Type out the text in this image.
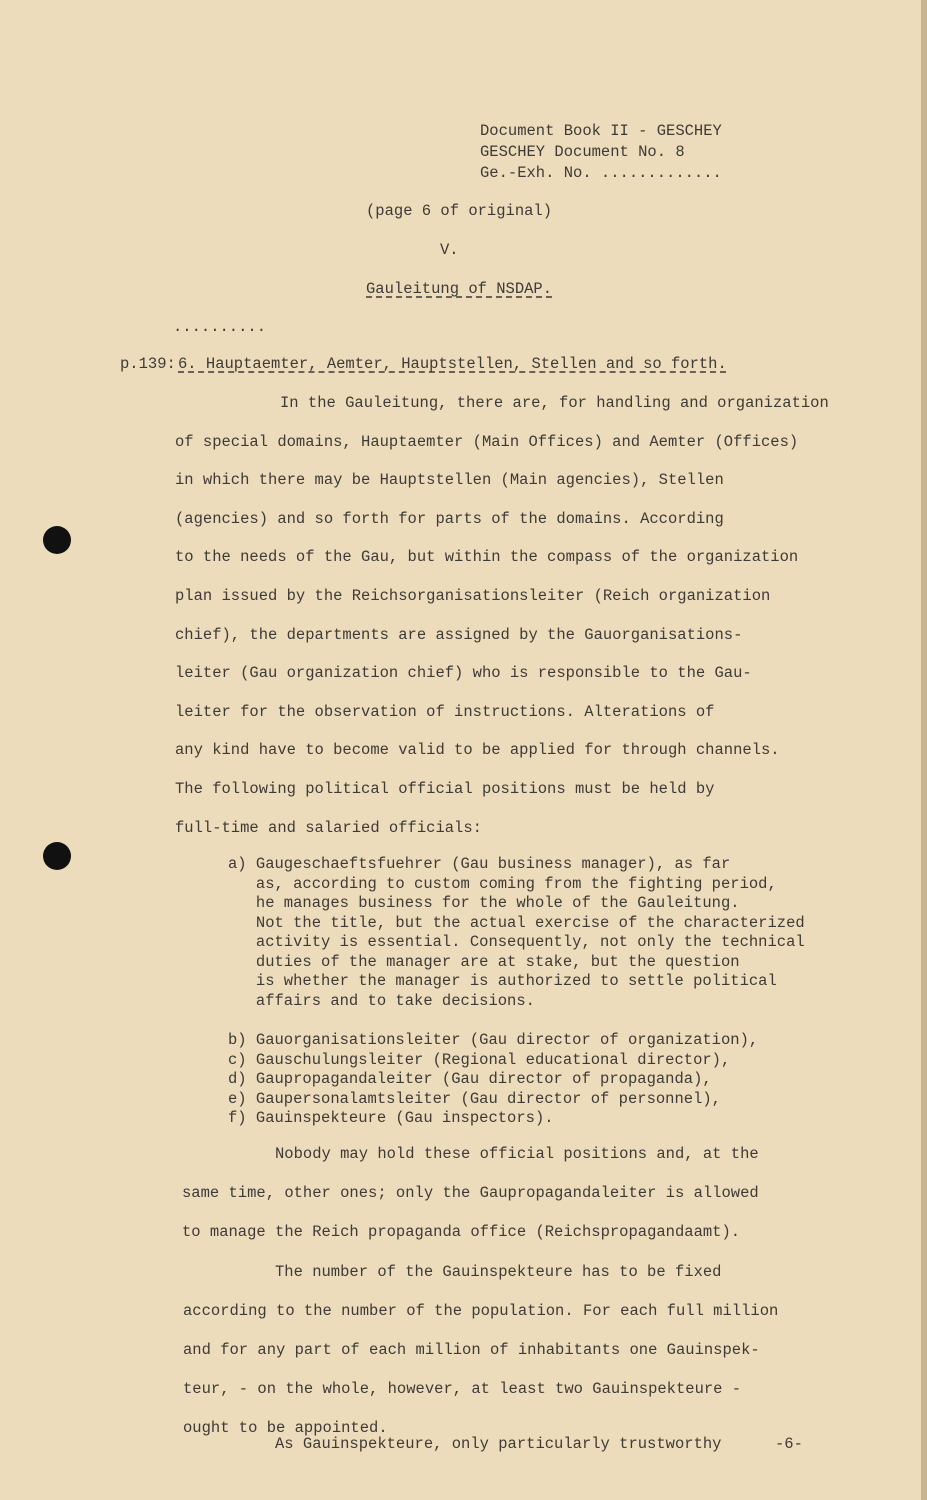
Document Book II - GESCHEY
GESCHEY Document No. 8
Ge.-Exh. No. .............
(page 6 of original)
V.
Gauleitung of NSDAP.
..........
p.139: 6. Hauptaemter, Aemter, Hauptstellen, Stellen and so forth.
In the Gauleitung, there are, for handling and organization
of special domains, Hauptaemter (Main Offices) and Aemter (Offices)
in which there may be Hauptstellen (Main agencies), Stellen
(agencies) and so forth for parts of the domains. According
to the needs of the Gau, but within the compass of the organization
plan issued by the Reichsorganisationsleiter (Reich organization
chief), the departments are assigned by the Gauorganisations-
leiter (Gau organization chief) who is responsible to the Gau-
leiter for the observation of instructions. Alterations of
any kind have to become valid to be applied for through channels.
The following political official positions must be held by
full-time and salaried officials:
a) Gaugeschaeftsfuehrer (Gau business manager), as far
as, according to custom coming from the fighting period,
he manages business for the whole of the Gauleitung.
Not the title, but the actual exercise of the characterized
activity is essential. Consequently, not only the technical
duties of the manager are at stake, but the question
is whether the manager is authorized to settle political
affairs and to take decisions.
b) Gauorganisationsleiter (Gau director of organization),
c) Gauschulungsleiter (Regional educational director),
d) Gaupropagandaleiter (Gau director of propaganda),
e) Gaupersonalamtsleiter (Gau director of personnel),
f) Gauinspekteure (Gau inspectors).
Nobody may hold these official positions and, at the
same time, other ones; only the Gaupropagandaleiter is allowed
to manage the Reich propaganda office (Reichspropagandaamt).
The number of the Gauinspekteure has to be fixed
according to the number of the population. For each full million
and for any part of each million of inhabitants one Gauinspek-
teur, - on the whole, however, at least two Gauinspekteure -
ought to be appointed.
As Gauinspekteure, only particularly trustworthy	-6-
